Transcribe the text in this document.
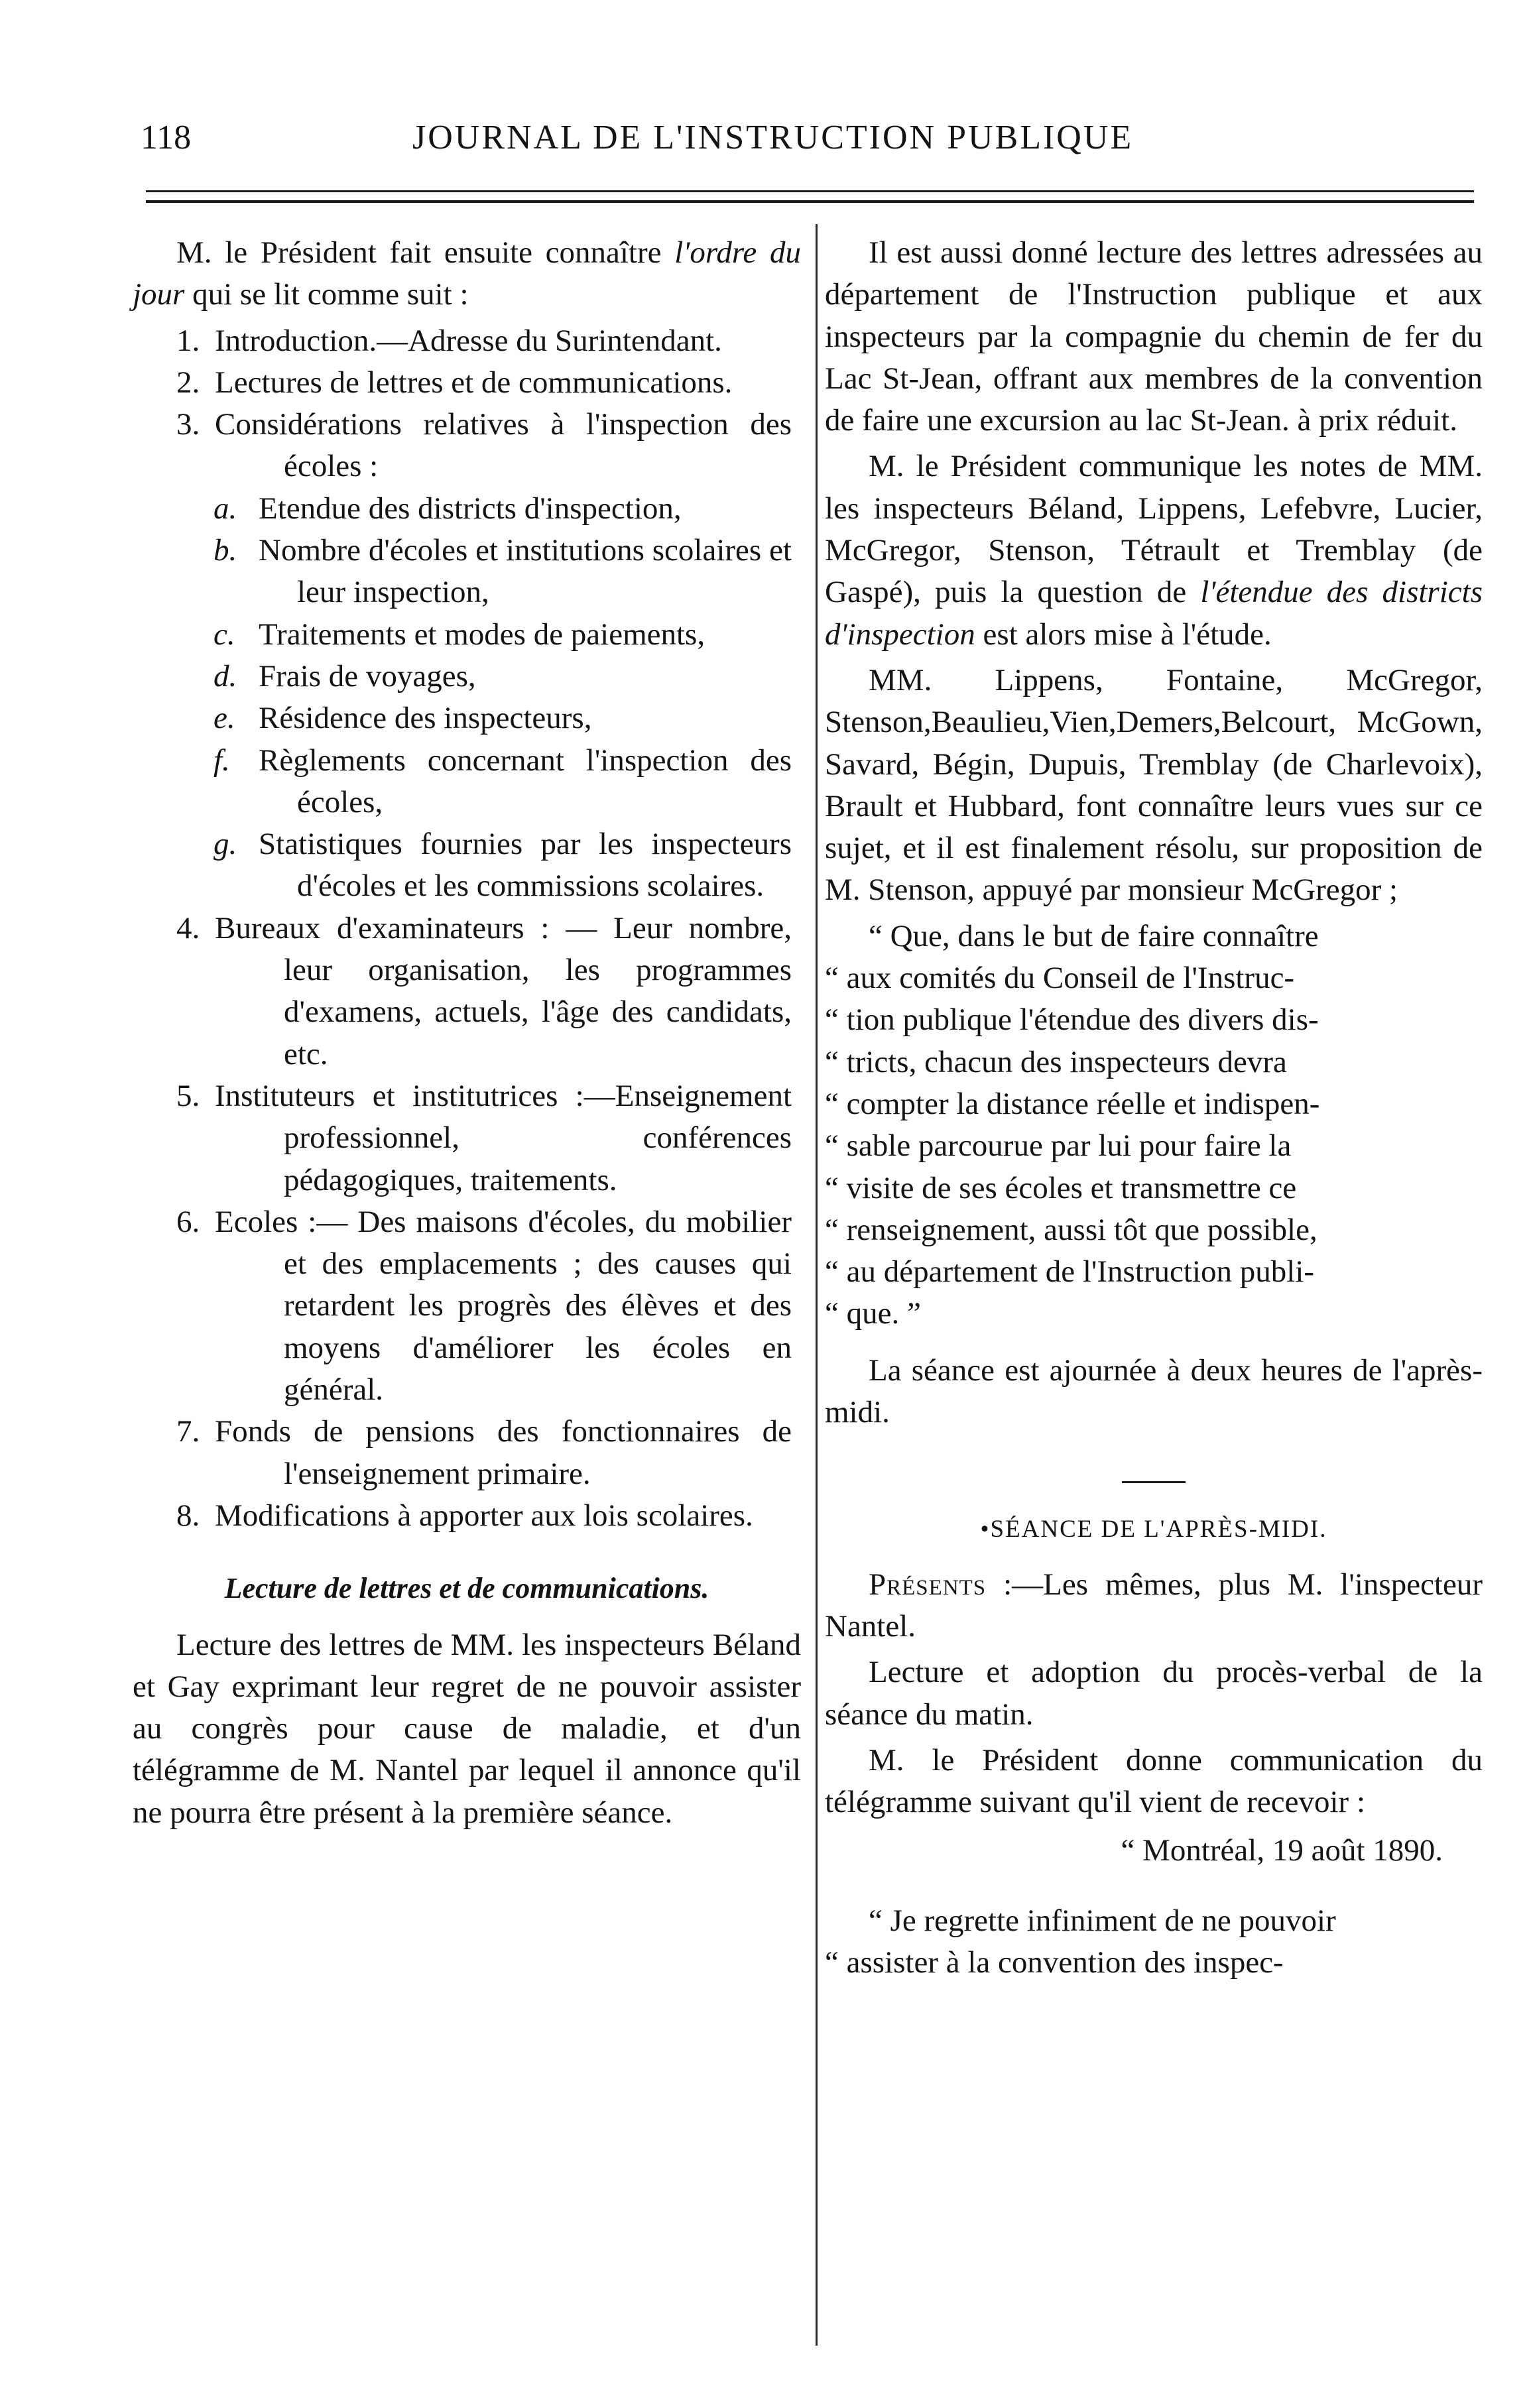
118	JOURNAL DE L'INSTRUCTION PUBLIQUE

M. le Président fait ensuite connaître l'ordre du jour qui se lit comme suit :

1. Introduction.—Adresse du Surintendant.
2. Lectures de lettres et de communications.
3. Considérations relatives à l'inspection des écoles :
a. Etendue des districts d'inspection,
b. Nombre d'écoles et institutions scolaires et leur inspection,
c. Traitements et modes de paiements,
d. Frais de voyages,
e. Résidence des inspecteurs,
f. Règlements concernant l'inspection des écoles,
g. Statistiques fournies par les inspecteurs d'écoles et les commissions scolaires.
4. Bureaux d'examinateurs : — Leur nombre, leur organisation, les programmes d'examens, actuels, l'âge des candidats, etc.
5. Instituteurs et institutrices :—Enseignement professionnel, conférences pédagogiques, traitements.
6. Ecoles :— Des maisons d'écoles, du mobilier et des emplacements ; des causes qui retardent les progrès des élèves et des moyens d'améliorer les écoles en général.
7. Fonds de pensions des fonctionnaires de l'enseignement primaire.
8. Modifications à apporter aux lois scolaires.
Lecture de lettres et de communications.

Lecture des lettres de MM. les inspecteurs Béland et Gay exprimant leur regret de ne pouvoir assister au congrès pour cause de maladie, et d'un télégramme de M. Nantel par lequel il annonce qu'il ne pourra être présent à la première séance.

Il est aussi donné lecture des lettres adressées au département de l'Instruction publique et aux inspecteurs par la compagnie du chemin de fer du Lac St-Jean, offrant aux membres de la convention de faire une excursion au lac St-Jean. à prix réduit.

M. le Président communique les notes de MM. les inspecteurs Béland, Lippens, Lefebvre, Lucier, McGregor, Stenson, Tétrault et Tremblay (de Gaspé), puis la question de l'étendue des districts d'inspection est alors mise à l'étude.

MM. Lippens, Fontaine, McGregor, Stenson,Beaulieu,Vien,Demers,Belcourt, McGown, Savard, Bégin, Dupuis, Tremblay (de Charlevoix), Brault et Hubbard, font connaître leurs vues sur ce sujet, et il est finalement résolu, sur proposition de M. Stenson, appuyé par monsieur McGregor ;

“ Que, dans le but de faire connaître

“ aux comités du Conseil de l'Instruc-

“ tion publique l'étendue des divers dis-

“ tricts, chacun des inspecteurs devra

“ compter la distance réelle et indispen-

“ sable parcourue par lui pour faire la

“ visite de ses écoles et transmettre ce

“ renseignement, aussi tôt que possible,

“ au département de l'Instruction publi-

“ que. ”

La séance est ajournée à deux heures de l'après-midi.

•SÉANCE DE L'APRÈS-MIDI.

Présents :—Les mêmes, plus M. l'inspecteur Nantel.

Lecture et adoption du procès-verbal de la séance du matin.

M. le Président donne communication du télégramme suivant qu'il vient de recevoir :

“ Montréal, 19 août 1890.

“ Je regrette infiniment de ne pouvoir

“ assister à la convention des inspec-
